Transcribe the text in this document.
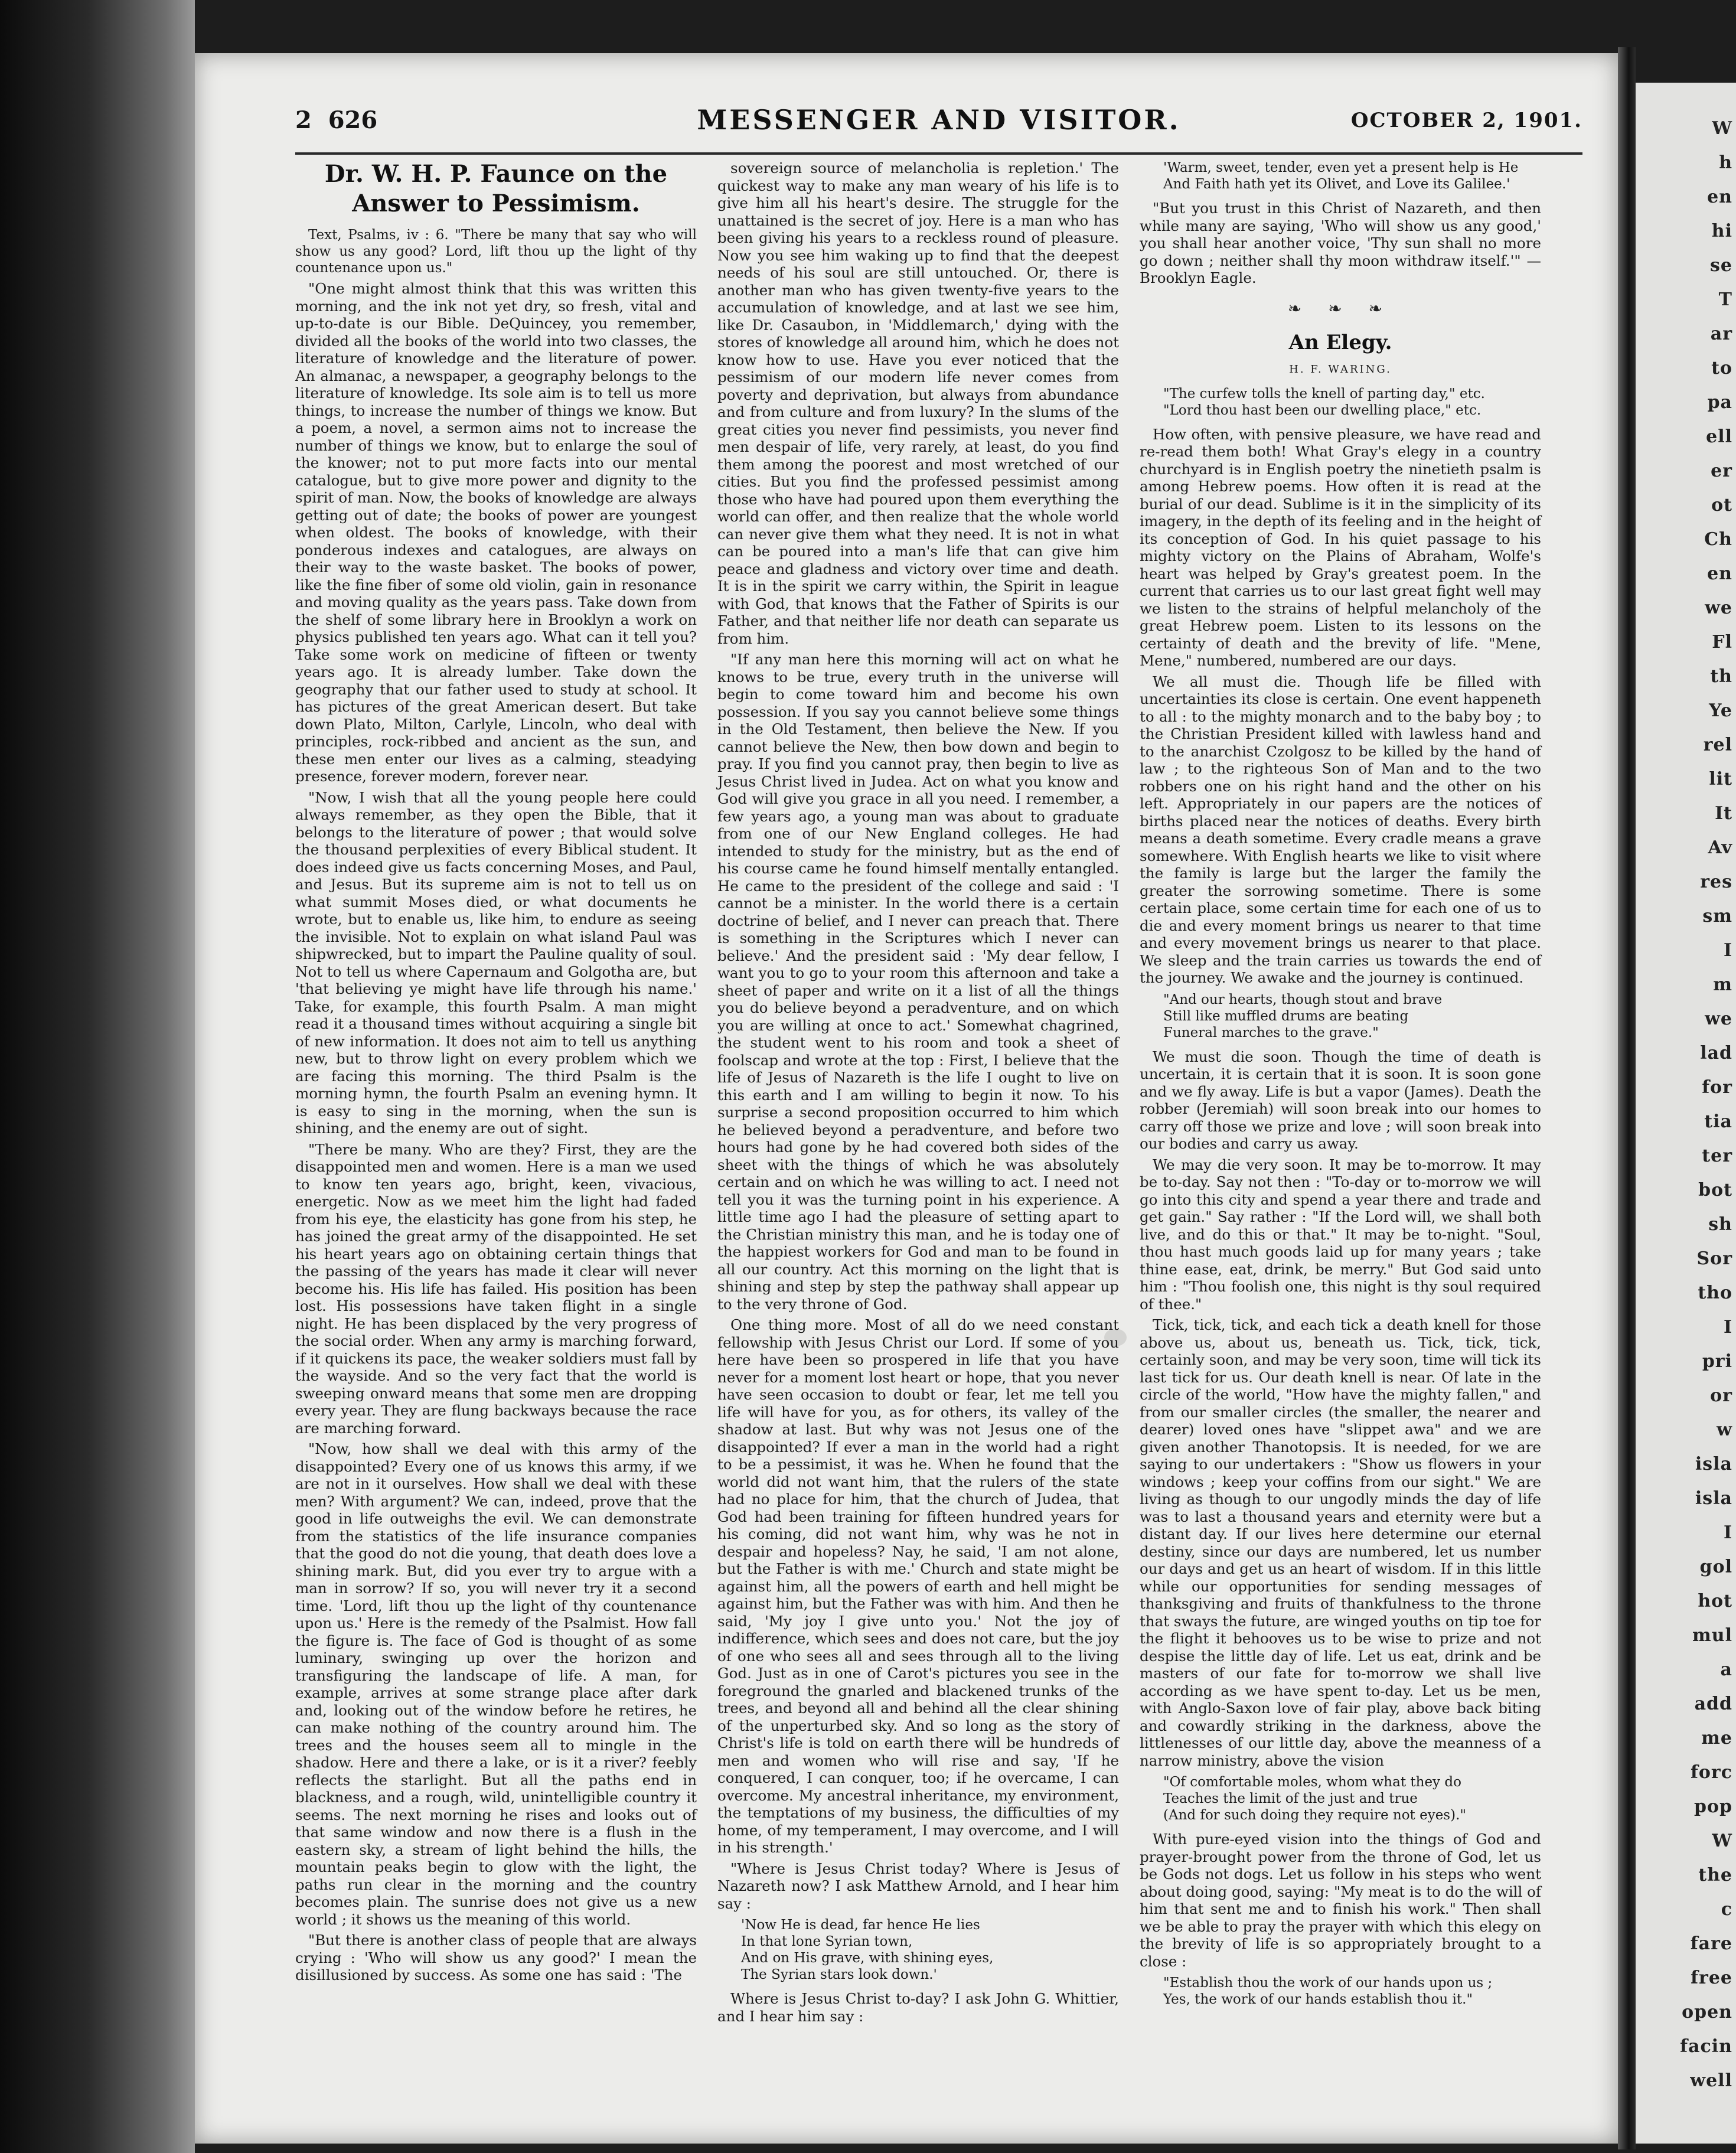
W
h
en
hi
se
T
ar
to
pa
ell
er
ot
Ch
en
we
Fl
th
Ye
rel
lit
It
Av
res
sm
I
m
we
lad
for
tia
ter
bot
sh
Sor
tho
I
pri
or
w
isla
isla
I
gol
hot
mul
a
add
me
forc
pop
W
the
c
fare
free
open
facin
well
2 626	MESSENGER AND VISITOR.	OCTOBER 2, 1901.
Dr. W. H. P. Faunce on the Answer to Pessimism.

Text, Psalms, iv : 6. "There be many that say who will show us any good? Lord, lift thou up the light of thy countenance upon us."

"One might almost think that this was written this morning, and the ink not yet dry, so fresh, vital and up-to-date is our Bible. DeQuincey, you remember, divided all the books of the world into two classes, the literature of knowledge and the literature of power. An almanac, a newspaper, a geography belongs to the literature of knowledge. Its sole aim is to tell us more things, to increase the number of things we know. But a poem, a novel, a sermon aims not to increase the number of things we know, but to enlarge the soul of the knower; not to put more facts into our mental catalogue, but to give more power and dignity to the spirit of man. Now, the books of knowledge are always getting out of date; the books of power are youngest when oldest. The books of knowledge, with their ponderous indexes and catalogues, are always on their way to the waste basket. The books of power, like the fine fiber of some old violin, gain in resonance and moving quality as the years pass. Take down from the shelf of some library here in Brooklyn a work on physics published ten years ago. What can it tell you? Take some work on medicine of fifteen or twenty years ago. It is already lumber. Take down the geography that our father used to study at school. It has pictures of the great American desert. But take down Plato, Milton, Carlyle, Lincoln, who deal with principles, rock-ribbed and ancient as the sun, and these men enter our lives as a calming, steadying presence, forever modern, forever near.

"Now, I wish that all the young people here could always remember, as they open the Bible, that it belongs to the literature of power ; that would solve the thousand perplexities of every Biblical student. It does indeed give us facts concerning Moses, and Paul, and Jesus. But its supreme aim is not to tell us on what summit Moses died, or what documents he wrote, but to enable us, like him, to endure as seeing the invisible. Not to explain on what island Paul was shipwrecked, but to impart the Pauline quality of soul. Not to tell us where Capernaum and Golgotha are, but 'that believing ye might have life through his name.' Take, for example, this fourth Psalm. A man might read it a thousand times without acquiring a single bit of new information. It does not aim to tell us anything new, but to throw light on every problem which we are facing this morning. The third Psalm is the morning hymn, the fourth Psalm an evening hymn. It is easy to sing in the morning, when the sun is shining, and the enemy are out of sight.

"There be many. Who are they? First, they are the disappointed men and women. Here is a man we used to know ten years ago, bright, keen, vivacious, energetic. Now as we meet him the light had faded from his eye, the elasticity has gone from his step, he has joined the great army of the disappointed. He set his heart years ago on obtaining certain things that the passing of the years has made it clear will never become his. His life has failed. His position has been lost. His possessions have taken flight in a single night. He has been displaced by the very progress of the social order. When any army is marching forward, if it quickens its pace, the weaker soldiers must fall by the wayside. And so the very fact that the world is sweeping onward means that some men are dropping every year. They are flung backways because the race are marching forward.

"Now, how shall we deal with this army of the disappointed? Every one of us knows this army, if we are not in it ourselves. How shall we deal with these men? With argument? We can, indeed, prove that the good in life outweighs the evil. We can demonstrate from the statistics of the life insurance companies that the good do not die young, that death does love a shining mark. But, did you ever try to argue with a man in sorrow? If so, you will never try it a second time. 'Lord, lift thou up the light of thy countenance upon us.' Here is the remedy of the Psalmist. How fall the figure is. The face of God is thought of as some luminary, swinging up over the horizon and transfiguring the landscape of life. A man, for example, arrives at some strange place after dark and, looking out of the window before he retires, he can make nothing of the country around him. The trees and the houses seem all to mingle in the shadow. Here and there a lake, or is it a river? feebly reflects the starlight. But all the paths end in blackness, and a rough, wild, unintelligible country it seems. The next morning he rises and looks out of that same window and now there is a flush in the eastern sky, a stream of light behind the hills, the mountain peaks begin to glow with the light, the paths run clear in the morning and the country becomes plain. The sunrise does not give us a new world ; it shows us the meaning of this world.

"But there is another class of people that are always crying : 'Who will show us any good?' I mean the disillusioned by success. As some one has said : 'The

sovereign source of melancholia is repletion.' The quickest way to make any man weary of his life is to give him all his heart's desire. The struggle for the unattained is the secret of joy. Here is a man who has been giving his years to a reckless round of pleasure. Now you see him waking up to find that the deepest needs of his soul are still untouched. Or, there is another man who has given twenty-five years to the accumulation of knowledge, and at last we see him, like Dr. Casaubon, in 'Middlemarch,' dying with the stores of knowledge all around him, which he does not know how to use. Have you ever noticed that the pessimism of our modern life never comes from poverty and deprivation, but always from abundance and from culture and from luxury? In the slums of the great cities you never find pessimists, you never find men despair of life, very rarely, at least, do you find them among the poorest and most wretched of our cities. But you find the professed pessimist among those who have had poured upon them everything the world can offer, and then realize that the whole world can never give them what they need. It is not in what can be poured into a man's life that can give him peace and gladness and victory over time and death. It is in the spirit we carry within, the Spirit in league with God, that knows that the Father of Spirits is our Father, and that neither life nor death can separate us from him.

"If any man here this morning will act on what he knows to be true, every truth in the universe will begin to come toward him and become his own possession. If you say you cannot believe some things in the Old Testament, then believe the New. If you cannot believe the New, then bow down and begin to pray. If you find you cannot pray, then begin to live as Jesus Christ lived in Judea. Act on what you know and God will give you grace in all you need. I remember, a few years ago, a young man was about to graduate from one of our New England colleges. He had intended to study for the ministry, but as the end of his course came he found himself mentally entangled. He came to the president of the college and said : 'I cannot be a minister. In the world there is a certain doctrine of belief, and I never can preach that. There is something in the Scriptures which I never can believe.' And the president said : 'My dear fellow, I want you to go to your room this afternoon and take a sheet of paper and write on it a list of all the things you do believe beyond a peradventure, and on which you are willing at once to act.' Somewhat chagrined, the student went to his room and took a sheet of foolscap and wrote at the top : First, I believe that the life of Jesus of Nazareth is the life I ought to live on this earth and I am willing to begin it now. To his surprise a second proposition occurred to him which he believed beyond a peradventure, and before two hours had gone by he had covered both sides of the sheet with the things of which he was absolutely certain and on which he was willing to act. I need not tell you it was the turning point in his experience. A little time ago I had the pleasure of setting apart to the Christian ministry this man, and he is today one of the happiest workers for God and man to be found in all our country. Act this morning on the light that is shining and step by step the pathway shall appear up to the very throne of God.

One thing more. Most of all do we need constant fellowship with Jesus Christ our Lord. If some of you here have been so prospered in life that you have never for a moment lost heart or hope, that you never have seen occasion to doubt or fear, let me tell you life will have for you, as for others, its valley of the shadow at last. But why was not Jesus one of the disappointed? If ever a man in the world had a right to be a pessimist, it was he. When he found that the world did not want him, that the rulers of the state had no place for him, that the church of Judea, that God had been training for fifteen hundred years for his coming, did not want him, why was he not in despair and hopeless? Nay, he said, 'I am not alone, but the Father is with me.' Church and state might be against him, all the powers of earth and hell might be against him, but the Father was with him. And then he said, 'My joy I give unto you.' Not the joy of indifference, which sees and does not care, but the joy of one who sees all and sees through all to the living God. Just as in one of Carot's pictures you see in the foreground the gnarled and blackened trunks of the trees, and beyond all and behind all the clear shining of the unperturbed sky. And so long as the story of Christ's life is told on earth there will be hundreds of men and women who will rise and say, 'If he conquered, I can conquer, too; if he overcame, I can overcome. My ancestral inheritance, my environment, the temptations of my business, the difficulties of my home, of my temperament, I may overcome, and I will in his strength.'

"Where is Jesus Christ today? Where is Jesus of Nazareth now? I ask Matthew Arnold, and I hear him say :

'Now He is dead, far hence He lies
In that lone Syrian town,
And on His grave, with shining eyes,
The Syrian stars look down.'

Where is Jesus Christ to-day? I ask John G. Whittier, and I hear him say :

'Warm, sweet, tender, even yet a present help is He
And Faith hath yet its Olivet, and Love its Galilee.'

"But you trust in this Christ of Nazareth, and then while many are saying, 'Who will show us any good,' you shall hear another voice, 'Thy sun shall no more go down ; neither shall thy moon withdraw itself.'" — Brooklyn Eagle.

❧ ❧ ❧
An Elegy.
H. F. WARING.
"The curfew tolls the knell of parting day," etc.
"Lord thou hast been our dwelling place," etc.

How often, with pensive pleasure, we have read and re-read them both! What Gray's elegy in a country churchyard is in English poetry the ninetieth psalm is among Hebrew poems. How often it is read at the burial of our dead. Sublime is it in the simplicity of its imagery, in the depth of its feeling and in the height of its conception of God. In his quiet passage to his mighty victory on the Plains of Abraham, Wolfe's heart was helped by Gray's greatest poem. In the current that carries us to our last great fight well may we listen to the strains of helpful melancholy of the great Hebrew poem. Listen to its lessons on the certainty of death and the brevity of life. "Mene, Mene," numbered, numbered are our days.

We all must die. Though life be filled with uncertainties its close is certain. One event happeneth to all : to the mighty monarch and to the baby boy ; to the Christian President killed with lawless hand and to the anarchist Czolgosz to be killed by the hand of law ; to the righteous Son of Man and to the two robbers one on his right hand and the other on his left. Appropriately in our papers are the notices of births placed near the notices of deaths. Every birth means a death sometime. Every cradle means a grave somewhere. With English hearts we like to visit where the family is large but the larger the family the greater the sorrowing sometime. There is some certain place, some certain time for each one of us to die and every moment brings us nearer to that time and every movement brings us nearer to that place. We sleep and the train carries us towards the end of the journey. We awake and the journey is continued.

"And our hearts, though stout and brave
Still like muffled drums are beating
Funeral marches to the grave."

We must die soon. Though the time of death is uncertain, it is certain that it is soon. It is soon gone and we fly away. Life is but a vapor (James). Death the robber (Jeremiah) will soon break into our homes to carry off those we prize and love ; will soon break into our bodies and carry us away.

We may die very soon. It may be to-morrow. It may be to-day. Say not then : "To-day or to-morrow we will go into this city and spend a year there and trade and get gain." Say rather : "If the Lord will, we shall both live, and do this or that." It may be to-night. "Soul, thou hast much goods laid up for many years ; take thine ease, eat, drink, be merry." But God said unto him : "Thou foolish one, this night is thy soul required of thee."

Tick, tick, tick, and each tick a death knell for those above us, about us, beneath us. Tick, tick, tick, certainly soon, and may be very soon, time will tick its last tick for us. Our death knell is near. Of late in the circle of the world, "How have the mighty fallen," and from our smaller circles (the smaller, the nearer and dearer) loved ones have "slippet awa" and we are given another Thanotopsis. It is needed, for we are saying to our undertakers : "Show us flowers in your windows ; keep your coffins from our sight." We are living as though to our ungodly minds the day of life was to last a thousand years and eternity were but a distant day. If our lives here determine our eternal destiny, since our days are numbered, let us number our days and get us an heart of wisdom. If in this little while our opportunities for sending messages of thanksgiving and fruits of thankfulness to the throne that sways the future, are winged youths on tip toe for the flight it behooves us to be wise to prize and not despise the little day of life. Let us eat, drink and be masters of our fate for to-morrow we shall live according as we have spent to-day. Let us be men, with Anglo-Saxon love of fair play, above back biting and cowardly striking in the darkness, above the littlenesses of our little day, above the meanness of a narrow ministry, above the vision

"Of comfortable moles, whom what they do
Teaches the limit of the just and true
(And for such doing they require not eyes)."

With pure-eyed vision into the things of God and prayer-brought power from the throne of God, let us be Gods not dogs. Let us follow in his steps who went about doing good, saying: "My meat is to do the will of him that sent me and to finish his work." Then shall we be able to pray the prayer with which this elegy on the brevity of life is so appropriately brought to a close :

"Establish thou the work of our hands upon us ;
Yes, the work of our hands establish thou it."
